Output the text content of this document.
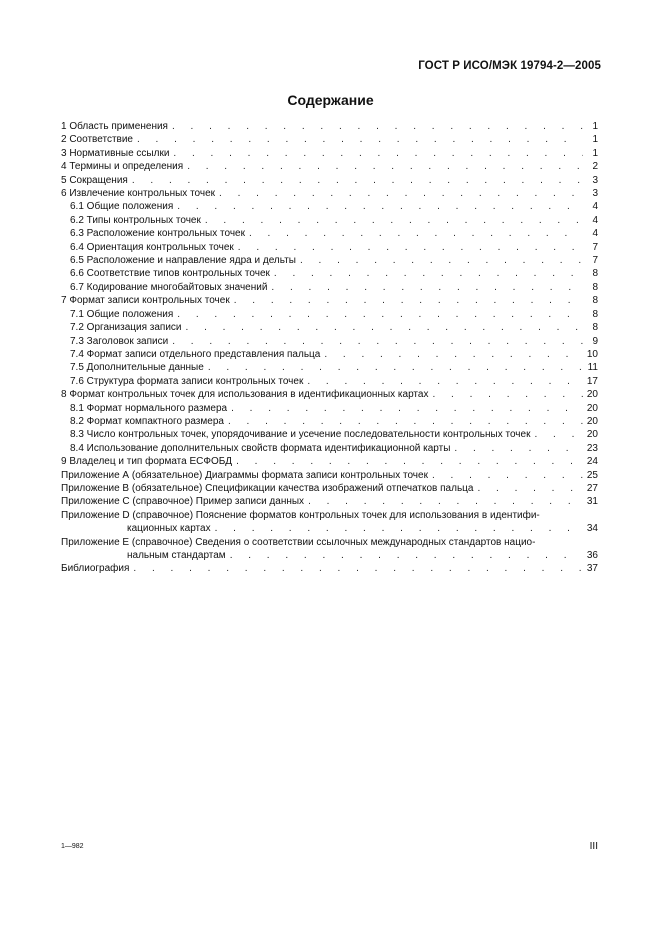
ГОСТ Р ИСО/МЭК 19794-2—2005
Содержание
1 Область применения . . .	1
2 Соответствие . . .	1
3 Нормативные ссылки . . .	1
4 Термины и определения . . .	2
5 Сокращения . . .	3
6 Извлечение контрольных точек . . .	3
6.1 Общие положения . . .	4
6.2 Типы контрольных точек . . .	4
6.3 Расположение контрольных точек . . .	4
6.4 Ориентация контрольных точек . . .	7
6.5 Расположение и направление ядра и дельты . . .	7
6.6 Соответствие типов контрольных точек . . .	8
6.7 Кодирование многобайтовых значений . . .	8
7 Формат записи контрольных точек . . .	8
7.1 Общие положения . . .	8
7.2 Организация записи . . .	8
7.3 Заголовок записи . . .	9
7.4 Формат записи отдельного представления пальца . . .	10
7.5 Дополнительные данные . . .	11
7.6 Структура формата записи контрольных точек . . .	17
8 Формат контрольных точек для использования в идентификационных картах . . .	20
8.1 Формат нормального размера . . .	20
8.2 Формат компактного размера . . .	20
8.3 Число контрольных точек, упорядочивание и усечение последовательности контрольных точек . . .	20
8.4 Использование дополнительных свойств формата идентификационной карты . . .	23
9 Владелец и тип формата ЕСФОБД . . .	24
Приложение А (обязательное) Диаграммы формата записи контрольных точек . . .	25
Приложение В (обязательное) Спецификации качества изображений отпечатков пальца . . .	27
Приложение С (справочное) Пример записи данных . . .	31
Приложение D (справочное) Пояснение форматов контрольных точек для использования в идентифи-
кационных картах . . .	34
Приложение Е (справочное) Сведения о соответствии ссылочных международных стандартов нацио-
нальным стандартам . . .	36
Библиография . . .	37
1—982	III
